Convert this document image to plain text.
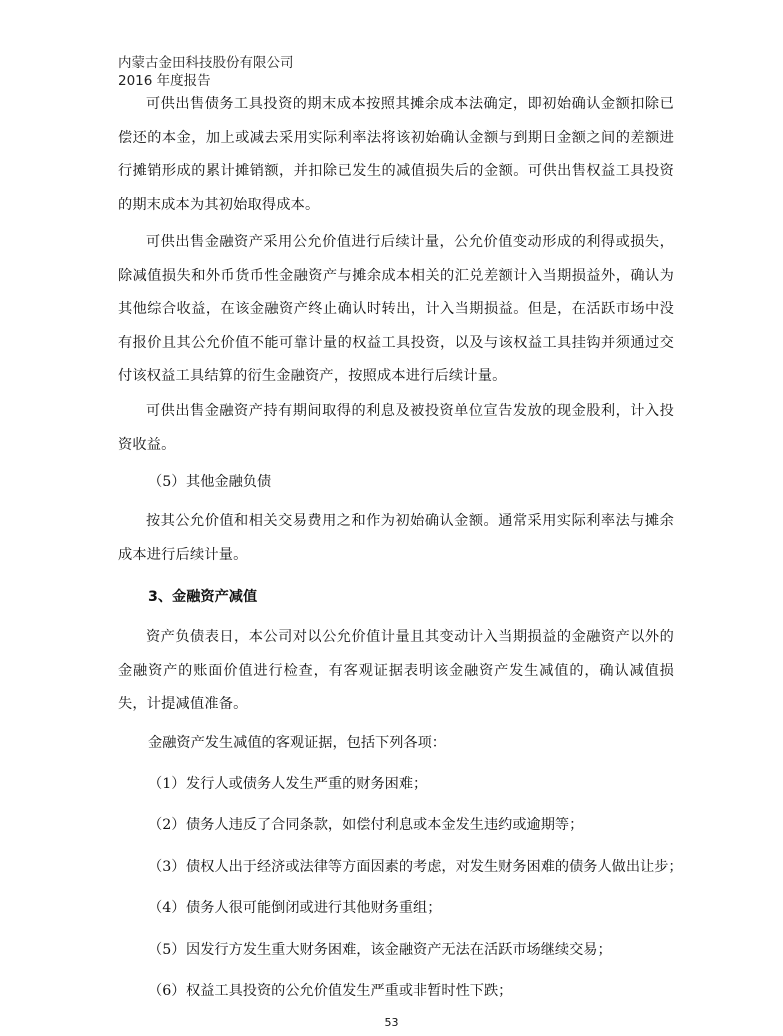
内蒙古金田科技股份有限公司
2016 年度报告

可供出售债务工具投资的期末成本按照其摊余成本法确定，即初始确认金额扣除已偿还的本金，加上或减去采用实际利率法将该初始确认金额与到期日金额之间的差额进行摊销形成的累计摊销额，并扣除已发生的减值损失后的金额。可供出售权益工具投资的期末成本为其初始取得成本。

可供出售金融资产采用公允价值进行后续计量，公允价值变动形成的利得或损失，除减值损失和外币货币性金融资产与摊余成本相关的汇兑差额计入当期损益外，确认为其他综合收益，在该金融资产终止确认时转出，计入当期损益。但是，在活跃市场中没有报价且其公允价值不能可靠计量的权益工具投资，以及与该权益工具挂钩并须通过交付该权益工具结算的衍生金融资产，按照成本进行后续计量。

可供出售金融资产持有期间取得的利息及被投资单位宣告发放的现金股利，计入投资收益。

（5）其他金融负债

按其公允价值和相关交易费用之和作为初始确认金额。通常采用实际利率法与摊余成本进行后续计量。

3、金融资产减值

资产负债表日，本公司对以公允价值计量且其变动计入当期损益的金融资产以外的金融资产的账面价值进行检查，有客观证据表明该金融资产发生减值的，确认减值损失，计提减值准备。

金融资产发生减值的客观证据，包括下列各项：
（1）发行人或债务人发生严重的财务困难；
（2）债务人违反了合同条款，如偿付利息或本金发生违约或逾期等；
（3）债权人出于经济或法律等方面因素的考虑，对发生财务困难的债务人做出让步；
（4）债务人很可能倒闭或进行其他财务重组；
（5）因发行方发生重大财务困难，该金融资产无法在活跃市场继续交易；
（6）权益工具投资的公允价值发生严重或非暂时性下跌；
53
